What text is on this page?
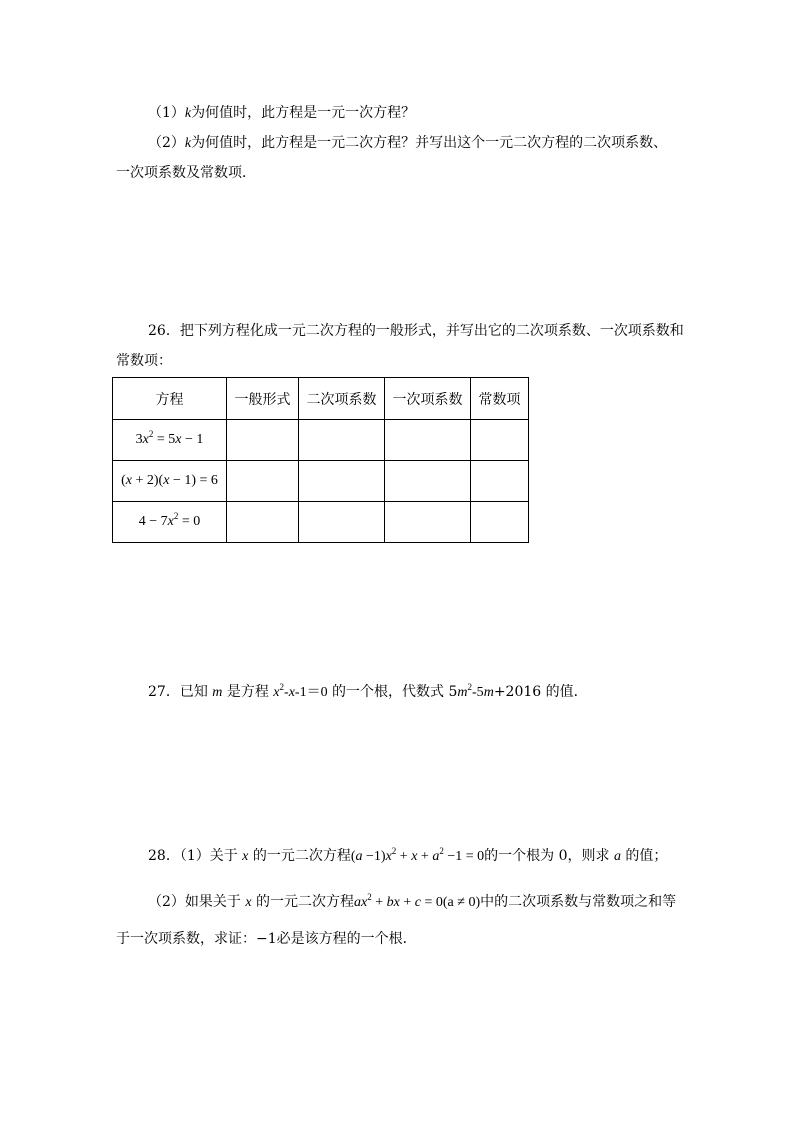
（1）k为何值时，此方程是一元一次方程？
（2）k为何值时，此方程是一元二次方程？并写出这个一元二次方程的二次项系数、
一次项系数及常数项．
26．把下列方程化成一元二次方程的一般形式，并写出它的二次项系数、一次项系数和
常数项：
方程	一般形式	二次项系数	一次项系数	常数项
$3x^2 = 5x - 1$				
(x + 2)(x − 1) = 6				
$4 - 7x^2 = 0$				
27．已知 m 是方程 $x^2-x-1=0$ 的一个根，代数式 $5m^2-5m+2016$ 的值．
28．（1）关于 x 的一元二次方程$(a -1)x^2 + x + a^2 -1 = 0$的一个根为 0，则求 a 的值；
（2）如果关于 x 的一元二次方程$ax^2$ + bx + c = 0(a ≠ 0)中的二次项系数与常数项之和等
于一次项系数，求证：−1必是该方程的一个根．
